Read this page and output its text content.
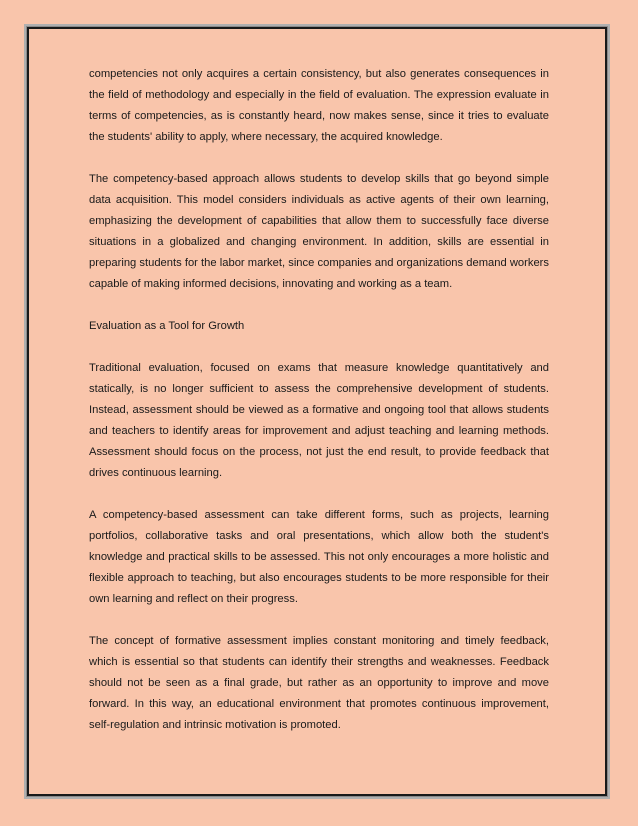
competencies not only acquires a certain consistency, but also generates consequences in the field of methodology and especially in the field of evaluation. The expression evaluate in terms of competencies, as is constantly heard, now makes sense, since it tries to evaluate the students' ability to apply, where necessary, the acquired knowledge.

The competency-based approach allows students to develop skills that go beyond simple data acquisition. This model considers individuals as active agents of their own learning, emphasizing the development of capabilities that allow them to successfully face diverse situations in a globalized and changing environment. In addition, skills are essential in preparing students for the labor market, since companies and organizations demand workers capable of making informed decisions, innovating and working as a team.

Evaluation as a Tool for Growth

Traditional evaluation, focused on exams that measure knowledge quantitatively and statically, is no longer sufficient to assess the comprehensive development of students. Instead, assessment should be viewed as a formative and ongoing tool that allows students and teachers to identify areas for improvement and adjust teaching and learning methods. Assessment should focus on the process, not just the end result, to provide feedback that drives continuous learning.

A competency-based assessment can take different forms, such as projects, learning portfolios, collaborative tasks and oral presentations, which allow both the student's knowledge and practical skills to be assessed. This not only encourages a more holistic and flexible approach to teaching, but also encourages students to be more responsible for their own learning and reflect on their progress.

The concept of formative assessment implies constant monitoring and timely feedback, which is essential so that students can identify their strengths and weaknesses. Feedback should not be seen as a final grade, but rather as an opportunity to improve and move forward. In this way, an educational environment that promotes continuous improvement, self-regulation and intrinsic motivation is promoted.
